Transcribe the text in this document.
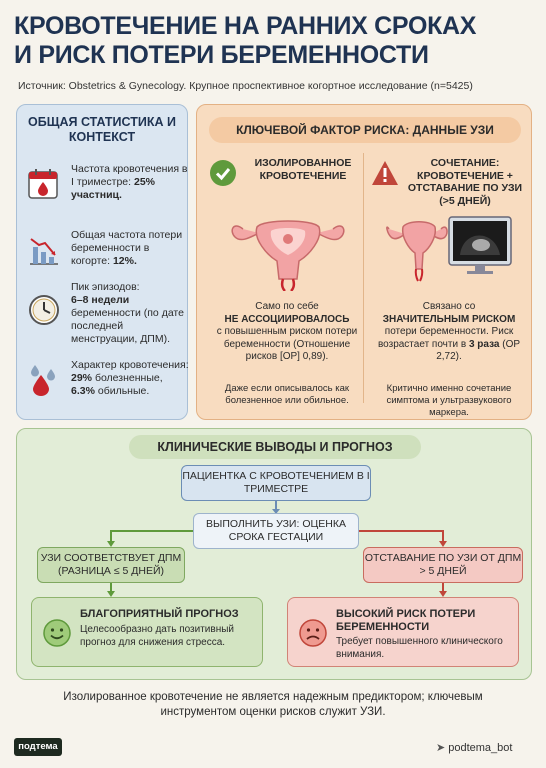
КРОВОТЕЧЕНИЕ НА РАННИХ СРОКАХ
И РИСК ПОТЕРИ БЕРЕМЕННОСТИ
Источник: Obstetrics & Gynecology. Крупное проспективное когортное исследование (n=5425)
ОБЩАЯ СТАТИСТИКА И КОНТЕКСТ
Частота кровотечения в I триместре: 25% участниц.
Общая частота потери беременности в когорте: 12%.
Пик эпизодов:
6–8 недели беременности (по дате последней менструации, ДПМ).
Характер кровотечения:
29% болезненные,
6.3% обильные.
КЛЮЧЕВОЙ ФАКТОР РИСКА: ДАННЫЕ УЗИ
ИЗОЛИРОВАННОЕ КРОВОТЕЧЕНИЕ
Само по себе
НЕ АССОЦИИРОВАЛОСЬ
с повышенным риском потери беременности (Отношение рисков [ОР] 0,89).
Даже если описывалось как болезненное или обильное.
СОЧЕТАНИЕ: КРОВОТЕЧЕНИЕ + ОТСТАВАНИЕ ПО УЗИ (>5 ДНЕЙ)
Связано со
ЗНАЧИТЕЛЬНЫМ РИСКОМ
потери беременности. Риск возрастает почти в 3 раза (ОР 2,72).
Критично именно сочетание симптома и ультразвукового маркера.
КЛИНИЧЕСКИЕ ВЫВОДЫ И ПРОГНОЗ
ПАЦИЕНТКА С КРОВОТЕЧЕНИЕМ В I ТРИМЕСТРЕ
ВЫПОЛНИТЬ УЗИ: ОЦЕНКА СРОКА ГЕСТАЦИИ
УЗИ СООТВЕТСТВУЕТ ДПМ (РАЗНИЦА ≤ 5 ДНЕЙ)
ОТСТАВАНИЕ ПО УЗИ ОТ ДПМ > 5 ДНЕЙ
БЛАГОПРИЯТНЫЙ ПРОГНОЗ
Целесообразно дать позитивный прогноз для снижения стресса.
ВЫСОКИЙ РИСК ПОТЕРИ БЕРЕМЕННОСТИ
Требует повышенного клинического внимания.
Изолированное кровотечение не является надежным предиктором; ключевым инструментом оценки рисков служит УЗИ.
подтема	➤ podtema_bot
